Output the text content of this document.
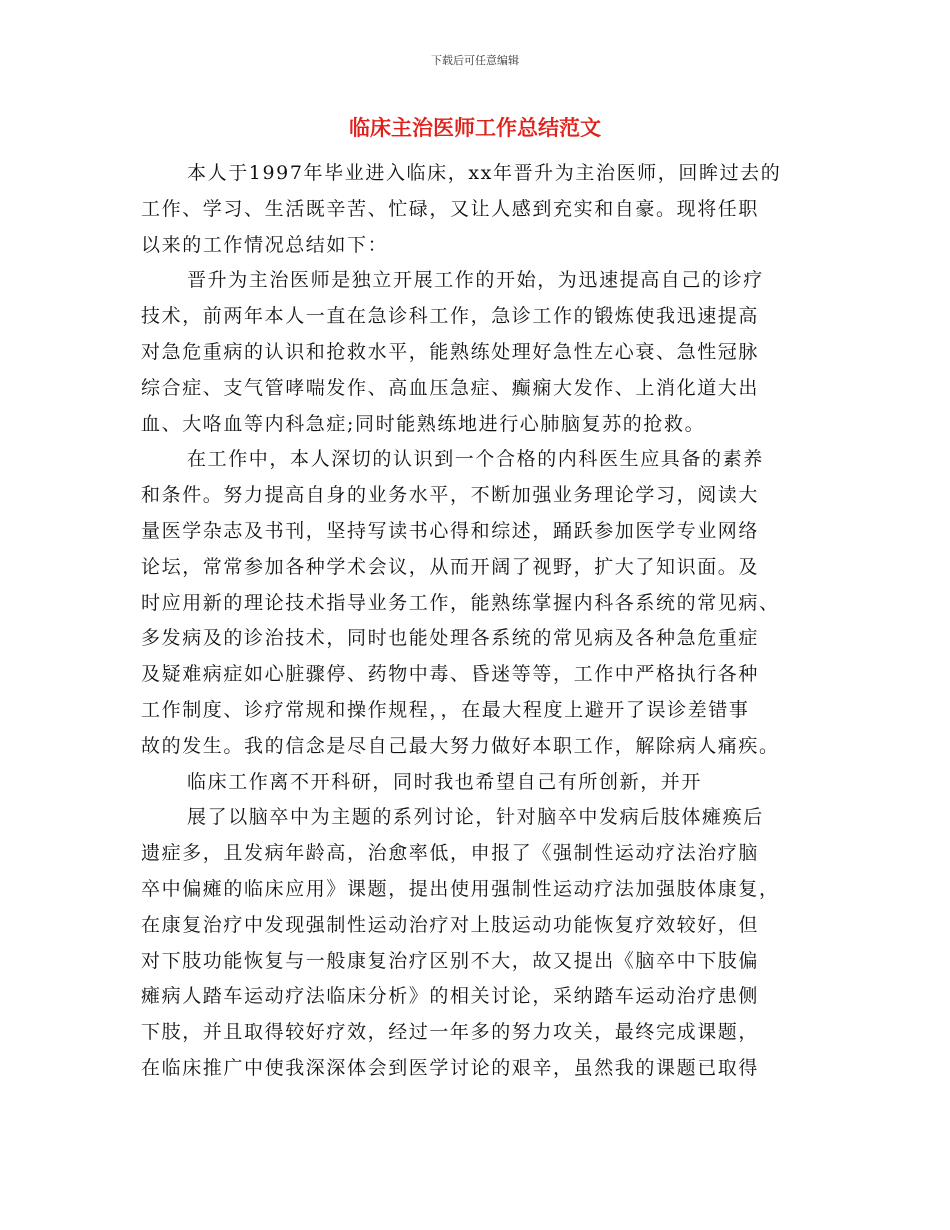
下载后可任意编辑
临床主治医师工作总结范文
本人于1997年毕业进入临床，xx年晋升为主治医师，回眸过去的
工作、学习、生活既辛苦、忙碌，又让人感到充实和自豪。现将任职
以来的工作情况总结如下：
晋升为主治医师是独立开展工作的开始，为迅速提高自己的诊疗
技术，前两年本人一直在急诊科工作，急诊工作的锻炼使我迅速提高
对急危重病的认识和抢救水平，能熟练处理好急性左心衰、急性冠脉
综合症、支气管哮喘发作、高血压急症、癫痫大发作、上消化道大出
血、大咯血等内科急症;同时能熟练地进行心肺脑复苏的抢救。
在工作中，本人深切的认识到一个合格的内科医生应具备的素养
和条件。努力提高自身的业务水平，不断加强业务理论学习，阅读大
量医学杂志及书刊，坚持写读书心得和综述，踊跃参加医学专业网络
论坛，常常参加各种学术会议，从而开阔了视野，扩大了知识面。及
时应用新的理论技术指导业务工作，能熟练掌握内科各系统的常见病、
多发病及的诊治技术，同时也能处理各系统的常见病及各种急危重症
及疑难病症如心脏骤停、药物中毒、昏迷等等，工作中严格执行各种
工作制度、诊疗常规和操作规程，，在最大程度上避开了误诊差错事
故的发生。我的信念是尽自己最大努力做好本职工作，解除病人痛疾。
临床工作离不开科研，同时我也希望自己有所创新，并开
展了以脑卒中为主题的系列讨论，针对脑卒中发病后肢体瘫痪后
遗症多，且发病年龄高，治愈率低，申报了《强制性运动疗法治疗脑
卒中偏瘫的临床应用》课题，提出使用强制性运动疗法加强肢体康复，
在康复治疗中发现强制性运动治疗对上肢运动功能恢复疗效较好，但
对下肢功能恢复与一般康复治疗区别不大，故又提出《脑卒中下肢偏
瘫病人踏车运动疗法临床分析》的相关讨论，采纳踏车运动治疗患侧
下肢，并且取得较好疗效，经过一年多的努力攻关，最终完成课题，
在临床推广中使我深深体会到医学讨论的艰辛，虽然我的课题已取得
